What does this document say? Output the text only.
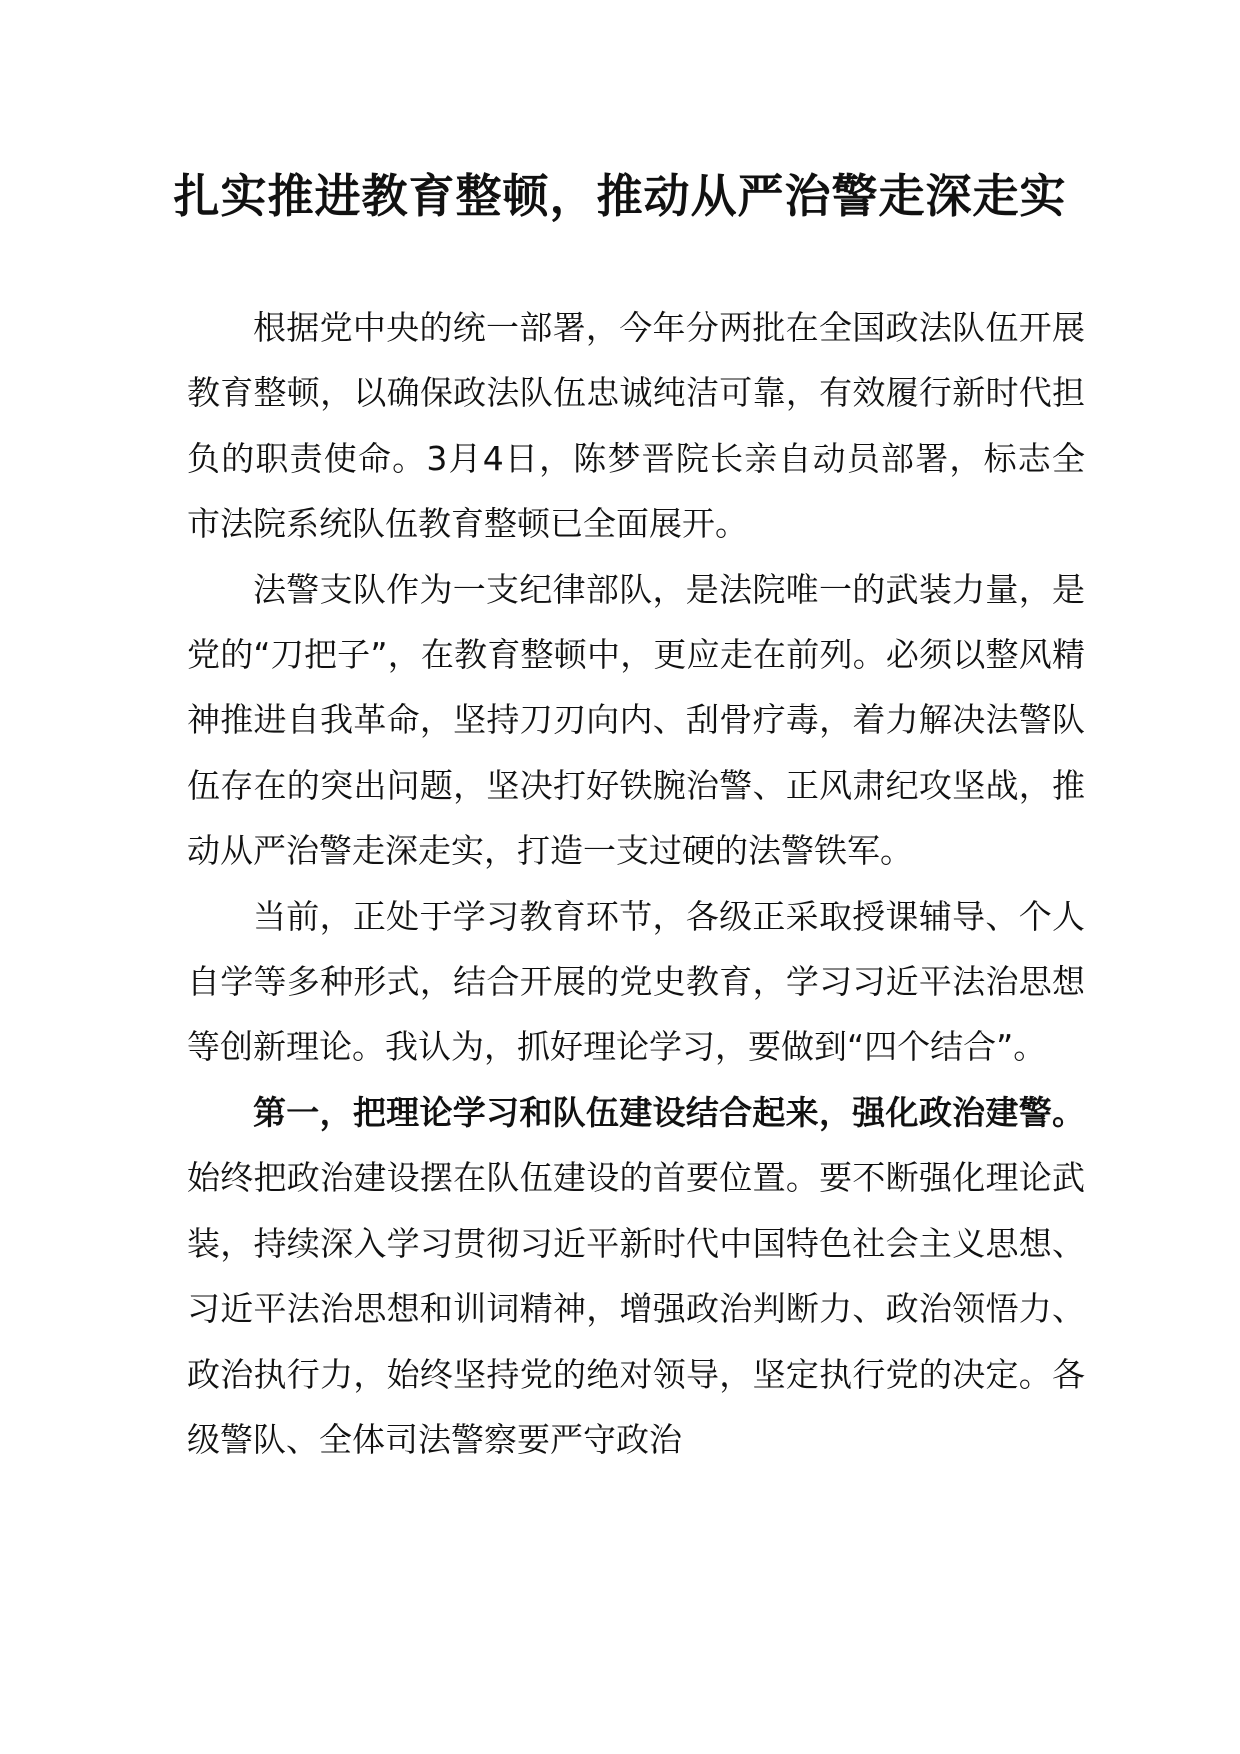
扎实推进教育整顿，推动从严治警走深走实

根据党中央的统一部署，今年分两批在全国政法队伍开展教育整顿，以确保政法队伍忠诚纯洁可靠，有效履行新时代担负的职责使命。3月4日，陈梦晋院长亲自动员部署，标志全市法院系统队伍教育整顿已全面展开。

法警支队作为一支纪律部队，是法院唯一的武装力量，是党的“刀把子”，在教育整顿中，更应走在前列。必须以整风精神推进自我革命，坚持刀刃向内、刮骨疗毒，着力解决法警队伍存在的突出问题，坚决打好铁腕治警、正风肃纪攻坚战，推动从严治警走深走实，打造一支过硬的法警铁军。

当前，正处于学习教育环节，各级正采取授课辅导、个人自学等多种形式，结合开展的党史教育，学习习近平法治思想等创新理论。我认为，抓好理论学习，要做到“四个结合”。

第一，把理论学习和队伍建设结合起来，强化政治建警。始终把政治建设摆在队伍建设的首要位置。要不断强化理论武装，持续深入学习贯彻习近平新时代中国特色社会主义思想、习近平法治思想和训词精神，增强政治判断力、政治领悟力、政治执行力，始终坚持党的绝对领导，坚定执行党的决定。各级警队、全体司法警察要严守政治
